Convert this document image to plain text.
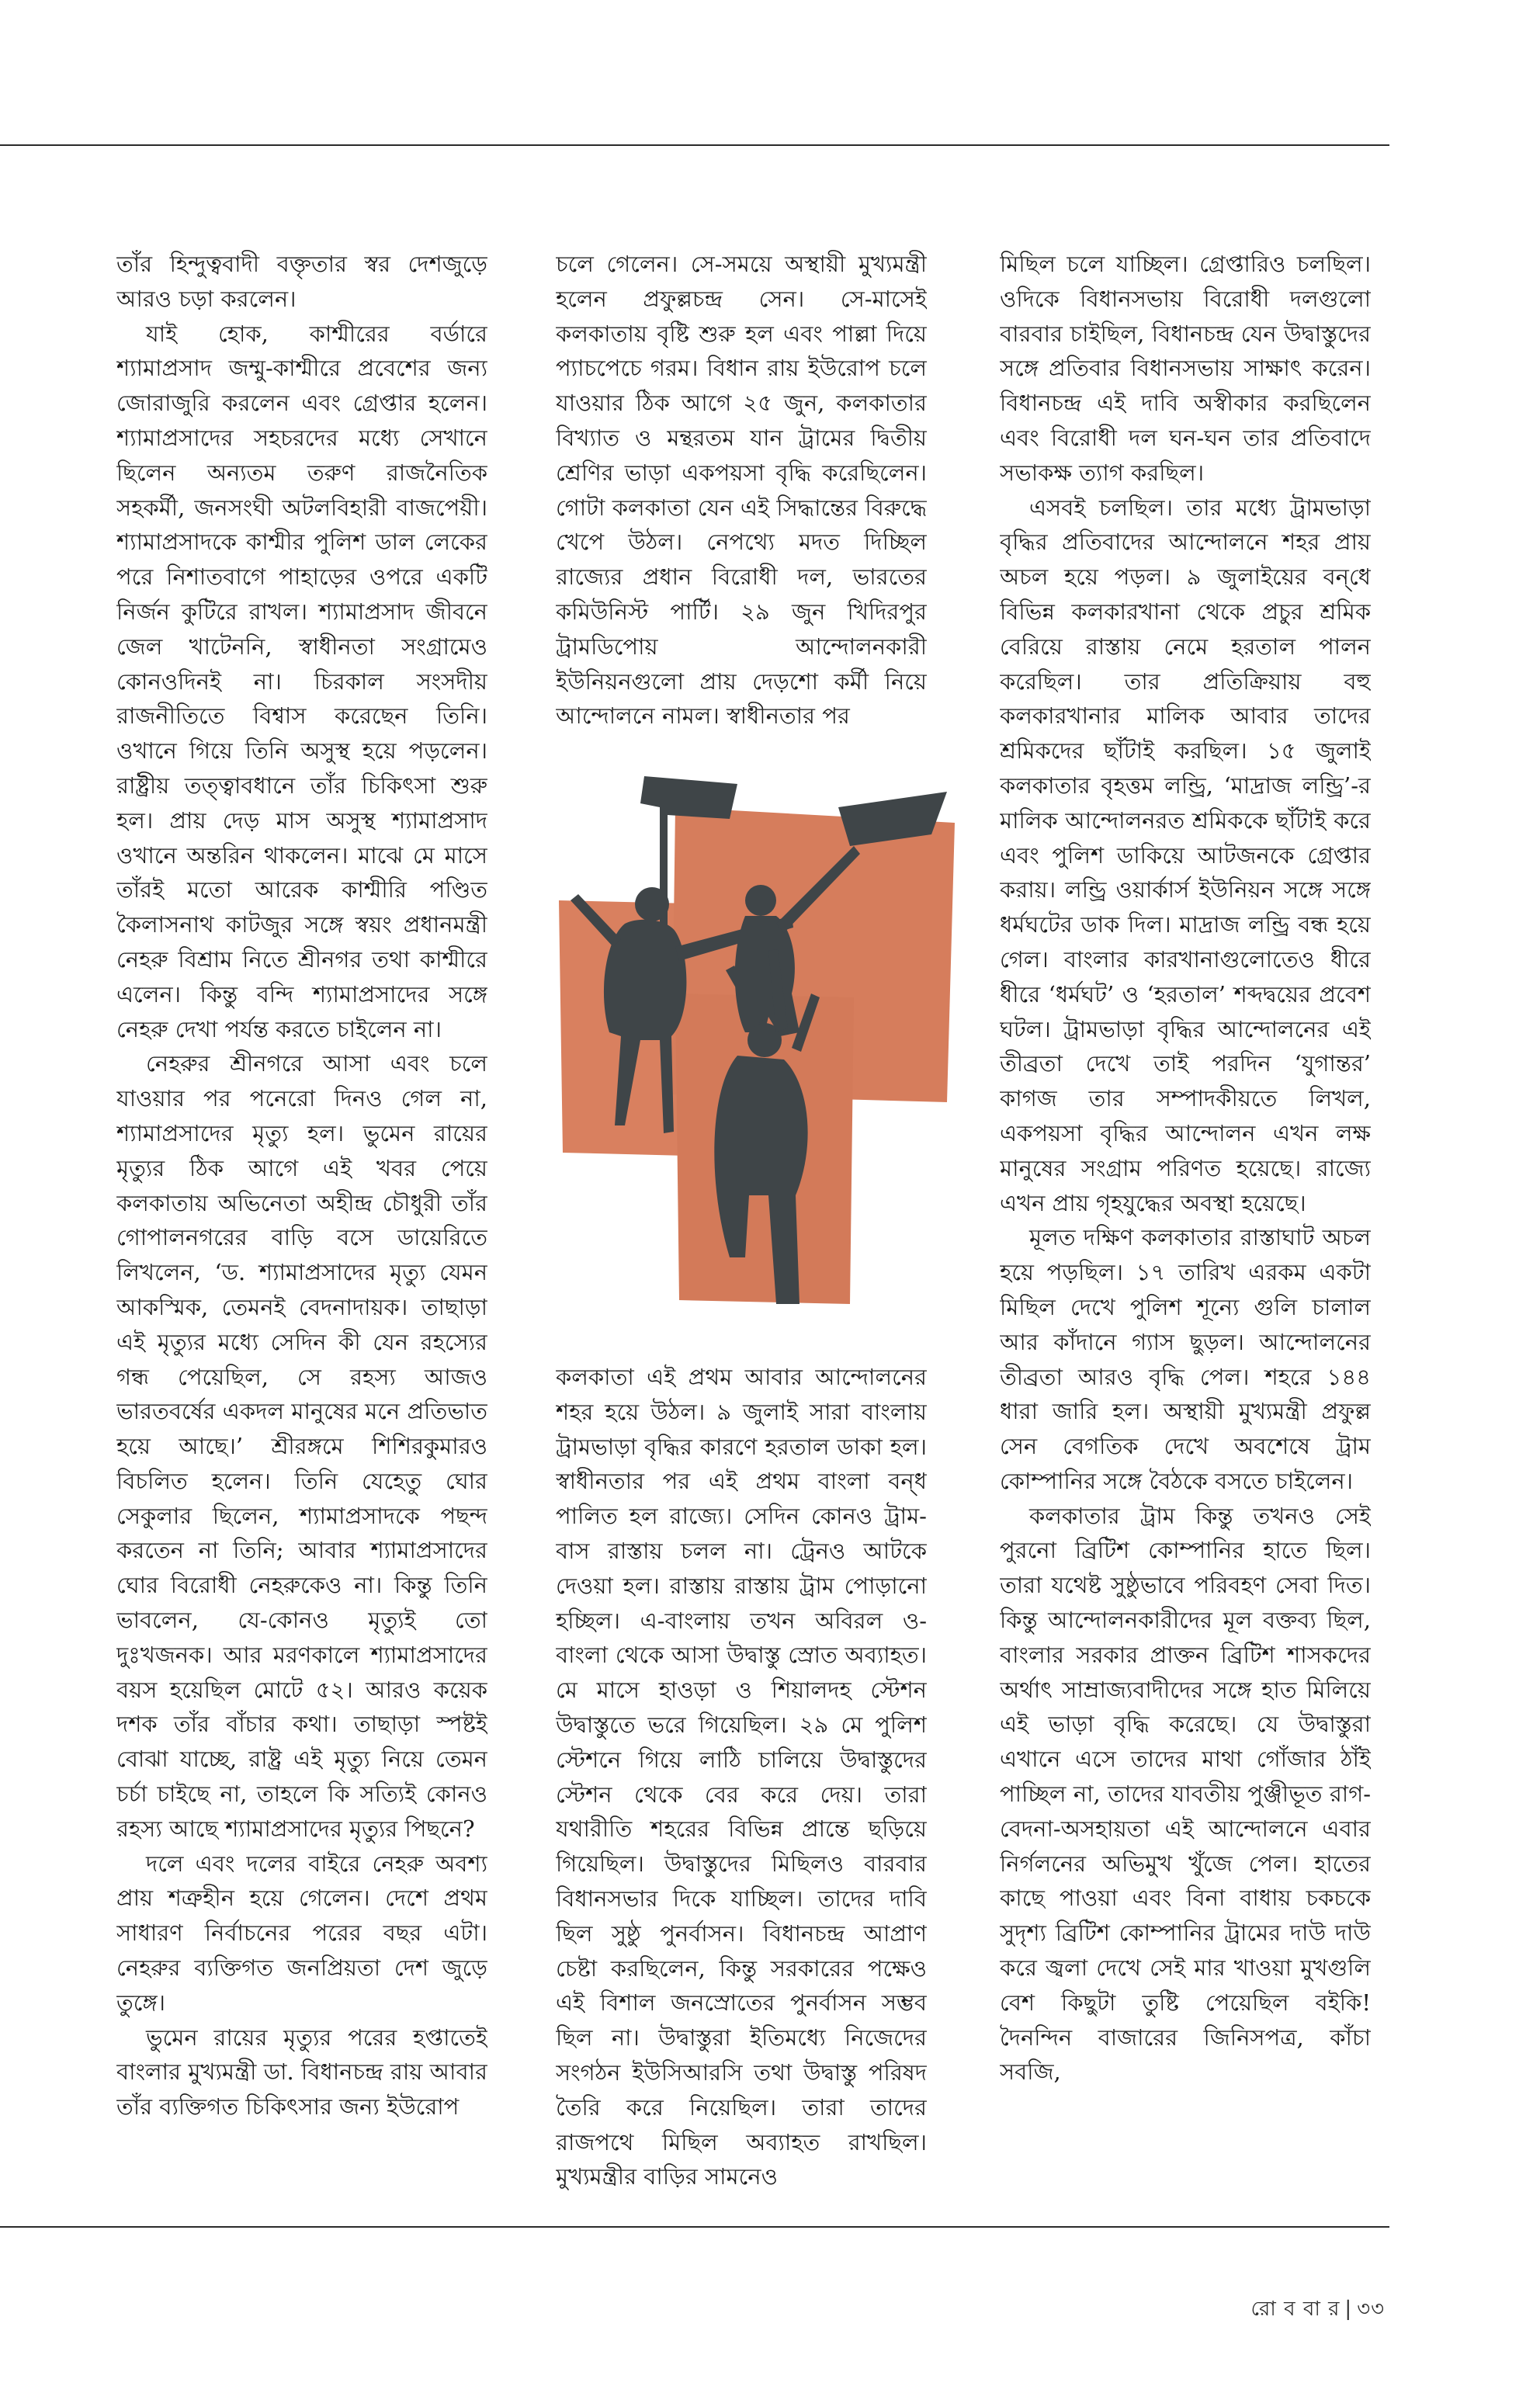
তাঁর হিন্দুত্ববাদী বক্তৃতার স্বর দেশজুড়ে আরও চড়া করলেন।

যাই হোক, কাশ্মীরের বর্ডারে শ্যামাপ্রসাদ জম্মু-কাশ্মীরে প্রবেশের জন্য জোরাজুরি করলেন এবং গ্রেপ্তার হলেন। শ্যামাপ্রসাদের সহচরদের মধ্যে সেখানে ছিলেন অন্যতম তরুণ রাজনৈতিক সহকর্মী, জনসংঘী অটলবিহারী বাজপেয়ী। শ্যামাপ্রসাদকে কাশ্মীর পুলিশ ডাল লেকের পরে নিশাতবাগে পাহাড়ের ওপরে একটি নির্জন কুটিরে রাখল। শ্যামাপ্রসাদ জীবনে জেল খাটেননি, স্বাধীনতা সংগ্রামেও কোনওদিনই না। চিরকাল সংসদীয় রাজনীতিতে বিশ্বাস করেছেন তিনি। ওখানে গিয়ে তিনি অসুস্থ হয়ে পড়লেন। রাষ্ট্রীয় তত্ত্বাবধানে তাঁর চিকিৎসা শুরু হল। প্রায় দেড় মাস অসুস্থ শ্যামাপ্রসাদ ওখানে অন্তরিন থাকলেন। মাঝে মে মাসে তাঁরই মতো আরেক কাশ্মীরি পণ্ডিত কৈলাসনাথ কাটজুর সঙ্গে স্বয়ং প্রধানমন্ত্রী নেহরু বিশ্রাম নিতে শ্রীনগর তথা কাশ্মীরে এলেন। কিন্তু বন্দি শ্যামাপ্রসাদের সঙ্গে নেহরু দেখা পর্যন্ত করতে চাইলেন না।

নেহরুর শ্রীনগরে আসা এবং চলে যাওয়ার পর পনেরো দিনও গেল না, শ্যামাপ্রসাদের মৃত্যু হল। ভুমেন রায়ের মৃত্যুর ঠিক আগে এই খবর পেয়ে কলকাতায় অভিনেতা অহীন্দ্র চৌধুরী তাঁর গোপালনগরের বাড়ি বসে ডায়েরিতে লিখলেন, ‘ড. শ্যামাপ্রসাদের মৃত্যু যেমন আকস্মিক, তেমনই বেদনাদায়ক। তাছাড়া এই মৃত্যুর মধ্যে সেদিন কী যেন রহস্যের গন্ধ পেয়েছিল, সে রহস্য আজও ভারতবর্ষের একদল মানুষের মনে প্রতিভাত হয়ে আছে।’ শ্রীরঙ্গমে শিশিরকুমারও বিচলিত হলেন। তিনি যেহেতু ঘোর সেকুলার ছিলেন, শ্যামাপ্রসাদকে পছন্দ করতেন না তিনি; আবার শ্যামাপ্রসাদের ঘোর বিরোধী নেহরুকেও না। কিন্তু তিনি ভাবলেন, যে-কোনও মৃত্যুই তো দুঃখজনক। আর মরণকালে শ্যামাপ্রসাদের বয়স হয়েছিল মোটে ৫২। আরও কয়েক দশক তাঁর বাঁচার কথা। তাছাড়া স্পষ্টই বোঝা যাচ্ছে, রাষ্ট্র এই মৃত্যু নিয়ে তেমন চর্চা চাইছে না, তাহলে কি সত্যিই কোনও রহস্য আছে শ্যামাপ্রসাদের মৃত্যুর পিছনে?

দলে এবং দলের বাইরে নেহরু অবশ্য প্রায় শত্রুহীন হয়ে গেলেন। দেশে প্রথম সাধারণ নির্বাচনের পরের বছর এটা। নেহরুর ব্যক্তিগত জনপ্রিয়তা দেশ জুড়ে তুঙ্গে।

ভুমেন রায়ের মৃত্যুর পরের হপ্তাতেই বাংলার মুখ্যমন্ত্রী ডা. বিধানচন্দ্র রায় আবার তাঁর ব্যক্তিগত চিকিৎসার জন্য ইউরোপ

চলে গেলেন। সে-সময়ে অস্থায়ী মুখ্যমন্ত্রী হলেন প্রফুল্লচন্দ্র সেন। সে-মাসেই কলকাতায় বৃষ্টি শুরু হল এবং পাল্লা দিয়ে প্যাচপেচে গরম। বিধান রায় ইউরোপ চলে যাওয়ার ঠিক আগে ২৫ জুন, কলকাতার বিখ্যাত ও মন্থরতম যান ট্রামের দ্বিতীয় শ্রেণির ভাড়া একপয়সা বৃদ্ধি করেছিলেন। গোটা কলকাতা যেন এই সিদ্ধান্তের বিরুদ্ধে খেপে উঠল। নেপথ্যে মদত দিচ্ছিল রাজ্যের প্রধান বিরোধী দল, ভারতের কমিউনিস্ট পার্টি। ২৯ জুন খিদিরপুর ট্রামডিপোয় আন্দোলনকারী ইউনিয়নগুলো প্রায় দেড়শো কর্মী নিয়ে আন্দোলনে নামল। স্বাধীনতার পর

কলকাতা এই প্রথম আবার আন্দোলনের শহর হয়ে উঠল। ৯ জুলাই সারা বাংলায় ট্রামভাড়া বৃদ্ধির কারণে হরতাল ডাকা হল। স্বাধীনতার পর এই প্রথম বাংলা বন্‌ধ পালিত হল রাজ্যে। সেদিন কোনও ট্রাম-বাস রাস্তায় চলল না। ট্রেনও আটকে দেওয়া হল। রাস্তায় রাস্তায় ট্রাম পোড়ানো হচ্ছিল। এ-বাংলায় তখন অবিরল ও-বাংলা থেকে আসা উদ্বাস্তু স্রোত অব্যাহত। মে মাসে হাওড়া ও শিয়ালদহ স্টেশন উদ্বাস্তুতে ভরে গিয়েছিল। ২৯ মে পুলিশ স্টেশনে গিয়ে লাঠি চালিয়ে উদ্বাস্তুদের স্টেশন থেকে বের করে দেয়। তারা যথারীতি শহরের বিভিন্ন প্রান্তে ছড়িয়ে গিয়েছিল। উদ্বাস্তুদের মিছিলও বারবার বিধানসভার দিকে যাচ্ছিল। তাদের দাবি ছিল সুষ্ঠু পুনর্বাসন। বিধানচন্দ্র আপ্রাণ চেষ্টা করছিলেন, কিন্তু সরকারের পক্ষেও এই বিশাল জনস্রোতের পুনর্বাসন সম্ভব ছিল না। উদ্বাস্তুরা ইতিমধ্যে নিজেদের সংগঠন ইউসিআরসি তথা উদ্বাস্তু পরিষদ তৈরি করে নিয়েছিল। তারা তাদের রাজপথে মিছিল অব্যাহত রাখছিল। মুখ্যমন্ত্রীর বাড়ির সামনেও

মিছিল চলে যাচ্ছিল। গ্রেপ্তারিও চলছিল। ওদিকে বিধানসভায় বিরোধী দলগুলো বারবার চাইছিল, বিধানচন্দ্র যেন উদ্বাস্তুদের সঙ্গে প্রতিবার বিধানসভায় সাক্ষাৎ করেন। বিধানচন্দ্র এই দাবি অস্বীকার করছিলেন এবং বিরোধী দল ঘন-ঘন তার প্রতিবাদে সভাকক্ষ ত্যাগ করছিল।

এসবই চলছিল। তার মধ্যে ট্রামভাড়া বৃদ্ধির প্রতিবাদের আন্দোলনে শহর প্রায় অচল হয়ে পড়ল। ৯ জুলাইয়ের বন্‌ধে বিভিন্ন কলকারখানা থেকে প্রচুর শ্রমিক বেরিয়ে রাস্তায় নেমে হরতাল পালন করেছিল। তার প্রতিক্রিয়ায় বহু কলকারখানার মালিক আবার তাদের শ্রমিকদের ছাঁটাই করছিল। ১৫ জুলাই কলকাতার বৃহত্তম লন্ড্রি, ‘মাদ্রাজ লন্ড্রি’-র মালিক আন্দোলনরত শ্রমিককে ছাঁটাই করে এবং পুলিশ ডাকিয়ে আটজনকে গ্রেপ্তার করায়। লন্ড্রি ওয়ার্কার্স ইউনিয়ন সঙ্গে সঙ্গে ধর্মঘটের ডাক দিল। মাদ্রাজ লন্ড্রি বন্ধ হয়ে গেল। বাংলার কারখানাগুলোতেও ধীরে ধীরে ‘ধর্মঘট’ ও ‘হরতাল’ শব্দদ্বয়ের প্রবেশ ঘটল। ট্রামভাড়া বৃদ্ধির আন্দোলনের এই তীব্রতা দেখে তাই পরদিন ‘যুগান্তর’ কাগজ তার সম্পাদকীয়তে লিখল, একপয়সা বৃদ্ধির আন্দোলন এখন লক্ষ মানুষের সংগ্রাম পরিণত হয়েছে। রাজ্যে এখন প্রায় গৃহযুদ্ধের অবস্থা হয়েছে।

মূলত দক্ষিণ কলকাতার রাস্তাঘাট অচল হয়ে পড়ছিল। ১৭ তারিখ এরকম একটা মিছিল দেখে পুলিশ শূন্যে গুলি চালাল আর কাঁদানে গ্যাস ছুড়ল। আন্দোলনের তীব্রতা আরও বৃদ্ধি পেল। শহরে ১৪৪ ধারা জারি হল। অস্থায়ী মুখ্যমন্ত্রী প্রফুল্ল সেন বেগতিক দেখে অবশেষে ট্রাম কোম্পানির সঙ্গে বৈঠকে বসতে চাইলেন।

কলকাতার ট্রাম কিন্তু তখনও সেই পুরনো ব্রিটিশ কোম্পানির হাতে ছিল। তারা যথেষ্ট সুষ্ঠুভাবে পরিবহণ সেবা দিত। কিন্তু আন্দোলনকারীদের মূল বক্তব্য ছিল, বাংলার সরকার প্রাক্তন ব্রিটিশ শাসকদের অর্থাৎ সাম্রাজ্যবাদীদের সঙ্গে হাত মিলিয়ে এই ভাড়া বৃদ্ধি করেছে। যে উদ্বাস্তুরা এখানে এসে তাদের মাথা গোঁজার ঠাঁই পাচ্ছিল না, তাদের যাবতীয় পুঞ্জীভূত রাগ-বেদনা-অসহায়তা এই আন্দোলনে এবার নির্গলনের অভিমুখ খুঁজে পেল। হাতের কাছে পাওয়া এবং বিনা বাধায় চকচকে সুদৃশ্য ব্রিটিশ কোম্পানির ট্রামের দাউ দাউ করে জ্বলা দেখে সেই মার খাওয়া মুখগুলি বেশ কিছুটা তুষ্টি পেয়েছিল বইকি! দৈনন্দিন বাজারের জিনিসপত্র, কাঁচা সবজি,

রো ব বা র | ৩৩
